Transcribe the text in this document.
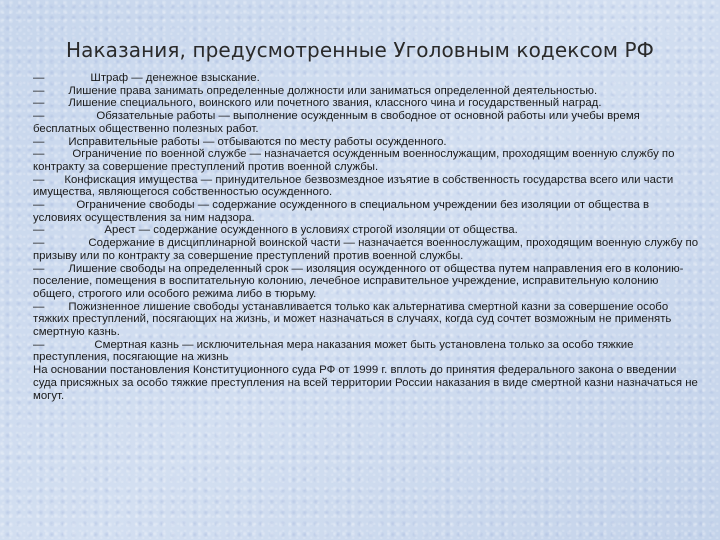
Наказания, предусмотренные Уголовным кодексом РФ

—	Штраф — денежное взыскание.

— Лишение права занимать определенные должности или заниматься определенной деятельностью.

— Лишение специального, воинского или почетного звания, классного чина и государственный наград.

—	Обязательные работы — выполнение осужденным в свободное от основной работы или учебы время бесплатных общественно полезных работ.

— Исправительные работы — отбываются по месту работы осужденного.

— Ограничение по военной службе — назначается осужденным военнослужащим, проходящим военную службу по контракту за совершение преступлений против военной службы.

— Конфискация имущества — принудительное безвозмездное изъятие в собственность государства всего или части имущества, являющегося собственностью осужденного.

—	Ограничение свободы — содержание осужденного в специальном учреждении без изоляции от общества в условиях осуществления за ним надзора.

—	Арест — содержание осужденного в условиях строгой изоляции от общества.

—	Содержание в дисциплинарной воинской части — назначается военнослужащим, проходящим военную службу по призыву или по контракту за совершение преступлений против военной службы.

— Лишение свободы на определенный срок — изоляция осужденного от общества путем направления его в колонию-поселение, помещения в воспитательную колонию, лечебное исправительное учреждение, исправительную колонию общего, строгого или особого режима либо в тюрьму.

— Пожизненное лишение свободы устанавливается только как альтернатива смертной казни за совершение особо тяжких преступлений, посягающих на жизнь, и может назначаться в случаях, когда суд сочтет возможным не применять смертную казнь.

—	Смертная казнь — исключительная мера наказания может быть установлена только за особо тяжкие преступления, посягающие на жизнь

На основании постановления Конституционного суда РФ от 1999 г. вплоть до принятия федерального закона о введении суда присяжных за особо тяжкие преступления на всей территории России наказания в виде смертной казни назначаться не могут.
